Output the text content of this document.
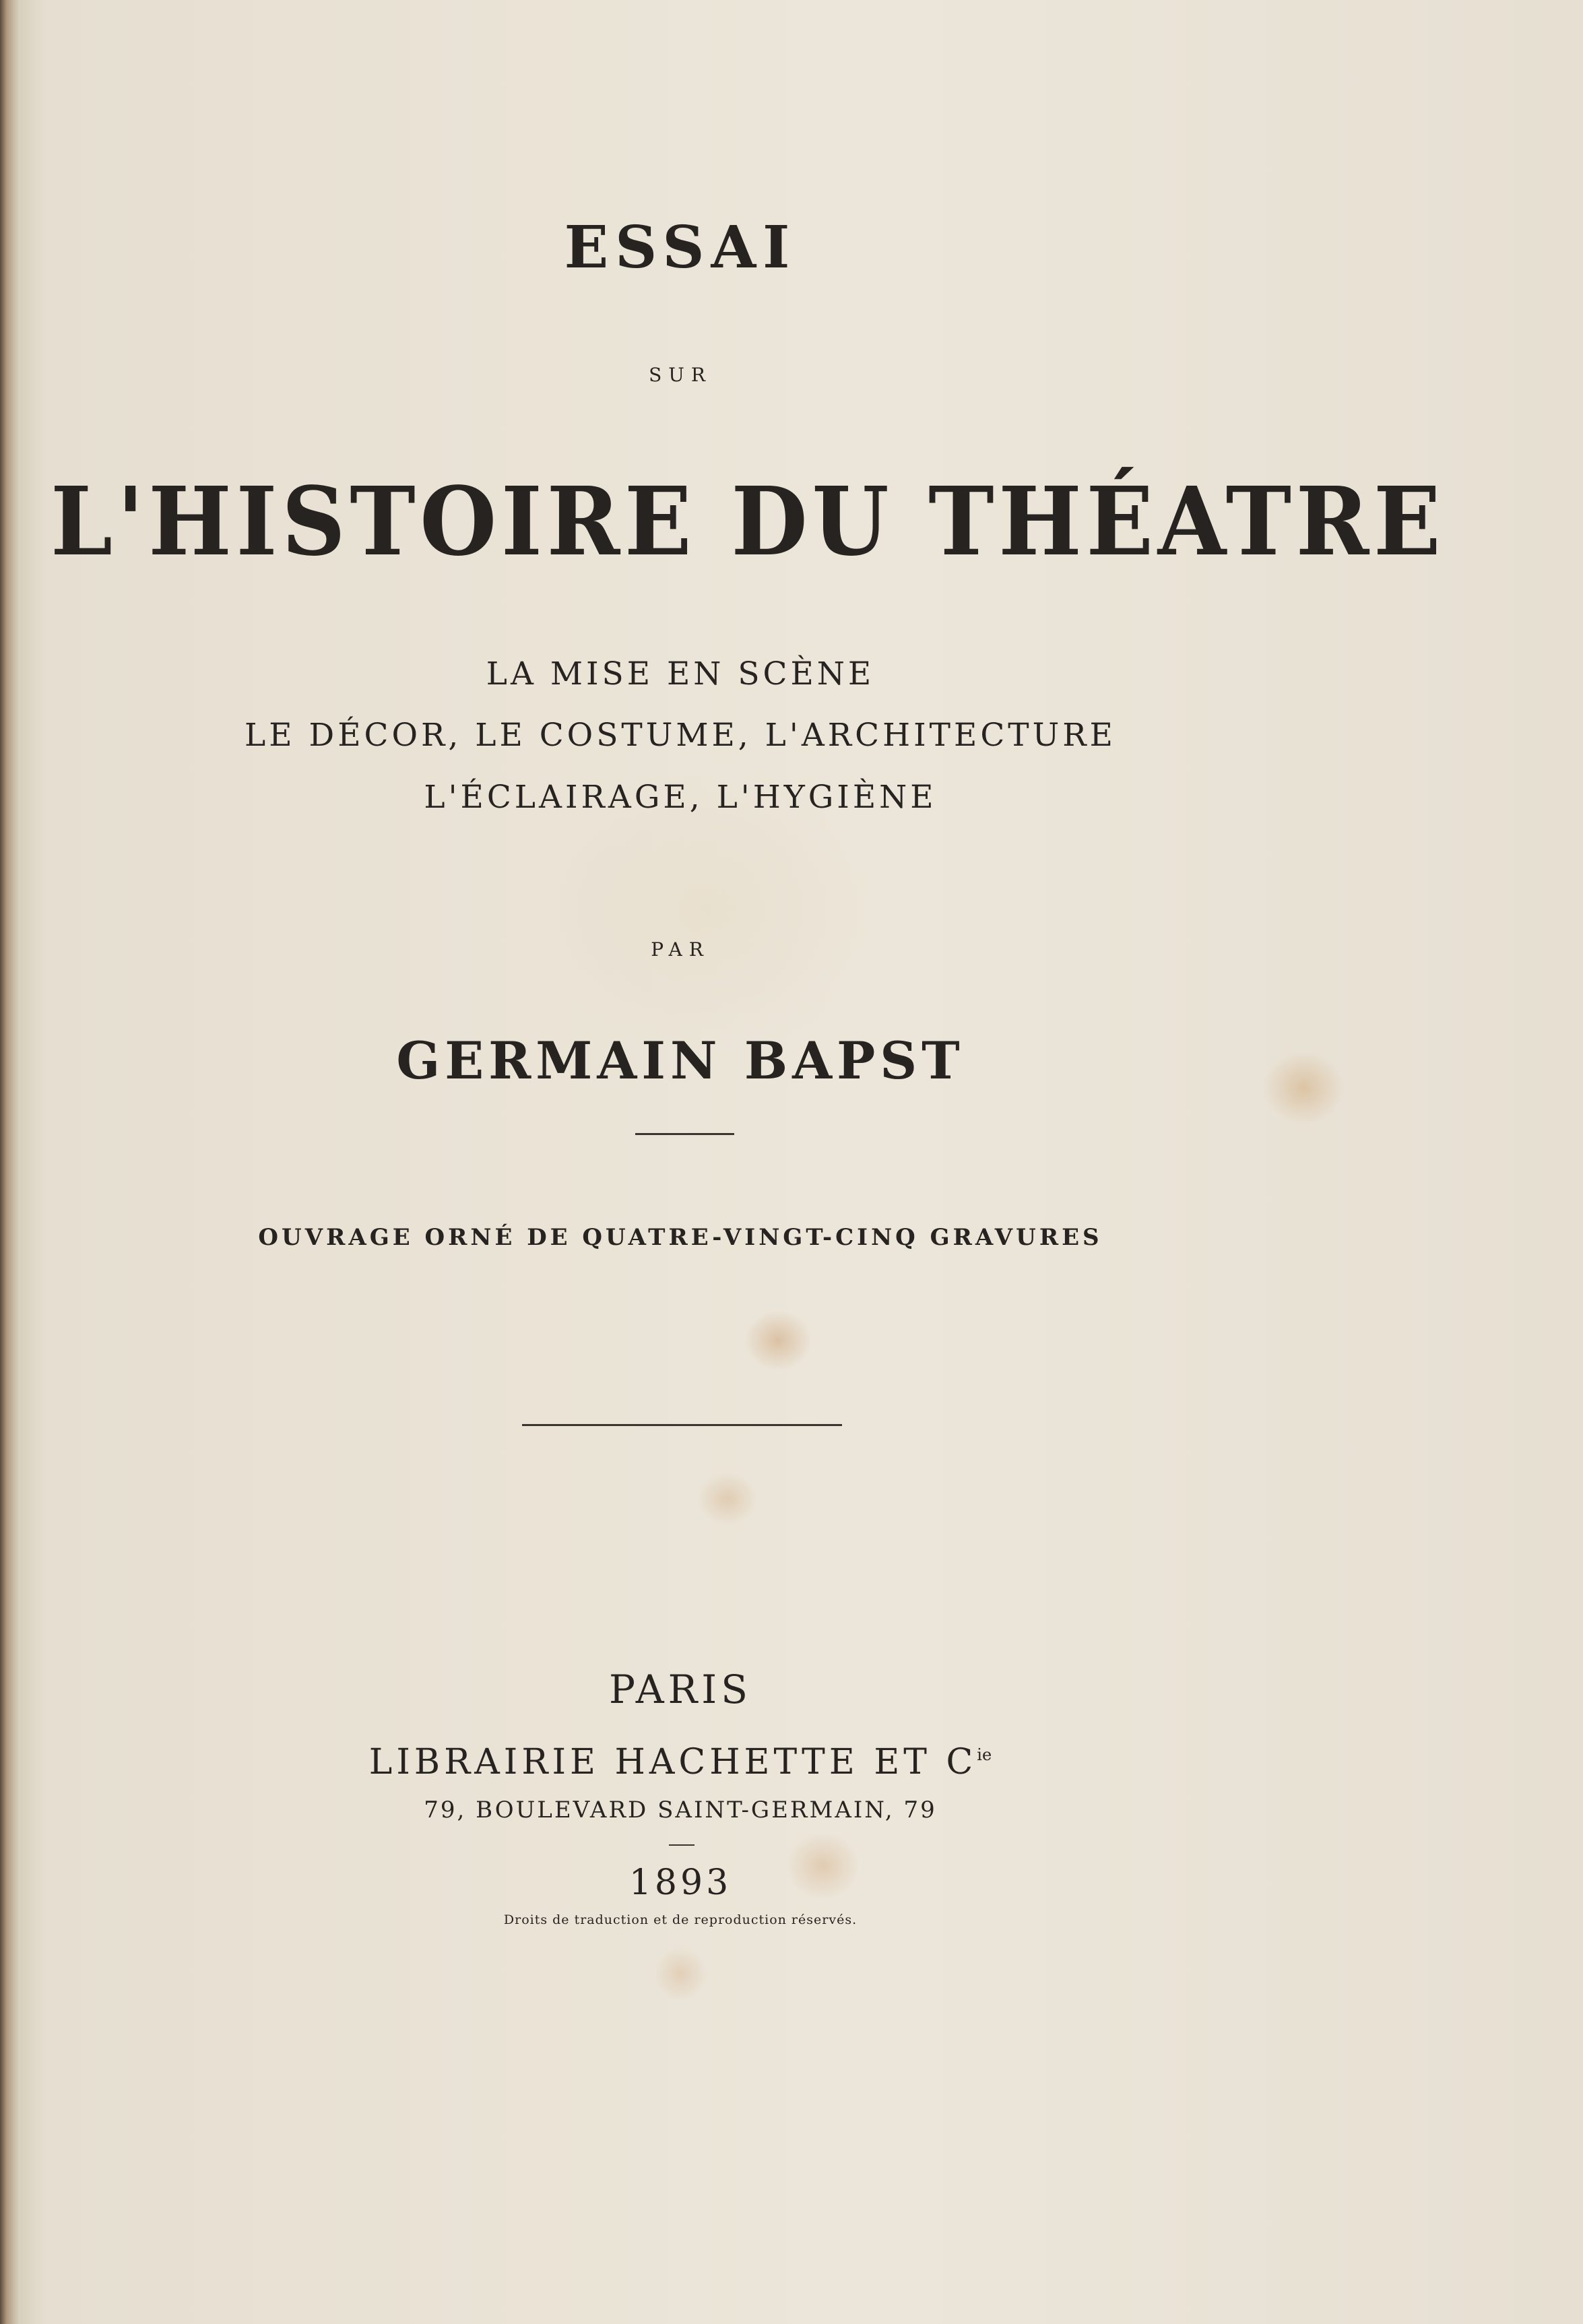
ESSAI

SUR

L'HISTOIRE DU THÉATRE

LA MISE EN SCÈNE

LE DÉCOR, LE COSTUME, L'ARCHITECTURE

L'ÉCLAIRAGE, L'HYGIÈNE

PAR

GERMAIN BAPST

OUVRAGE ORNÉ DE QUATRE-VINGT-CINQ GRAVURES

PARIS

LIBRAIRIE HACHETTE ET $C^{ie}$

79, BOULEVARD SAINT-GERMAIN, 79

1893

Droits de traduction et de reproduction réservés.
